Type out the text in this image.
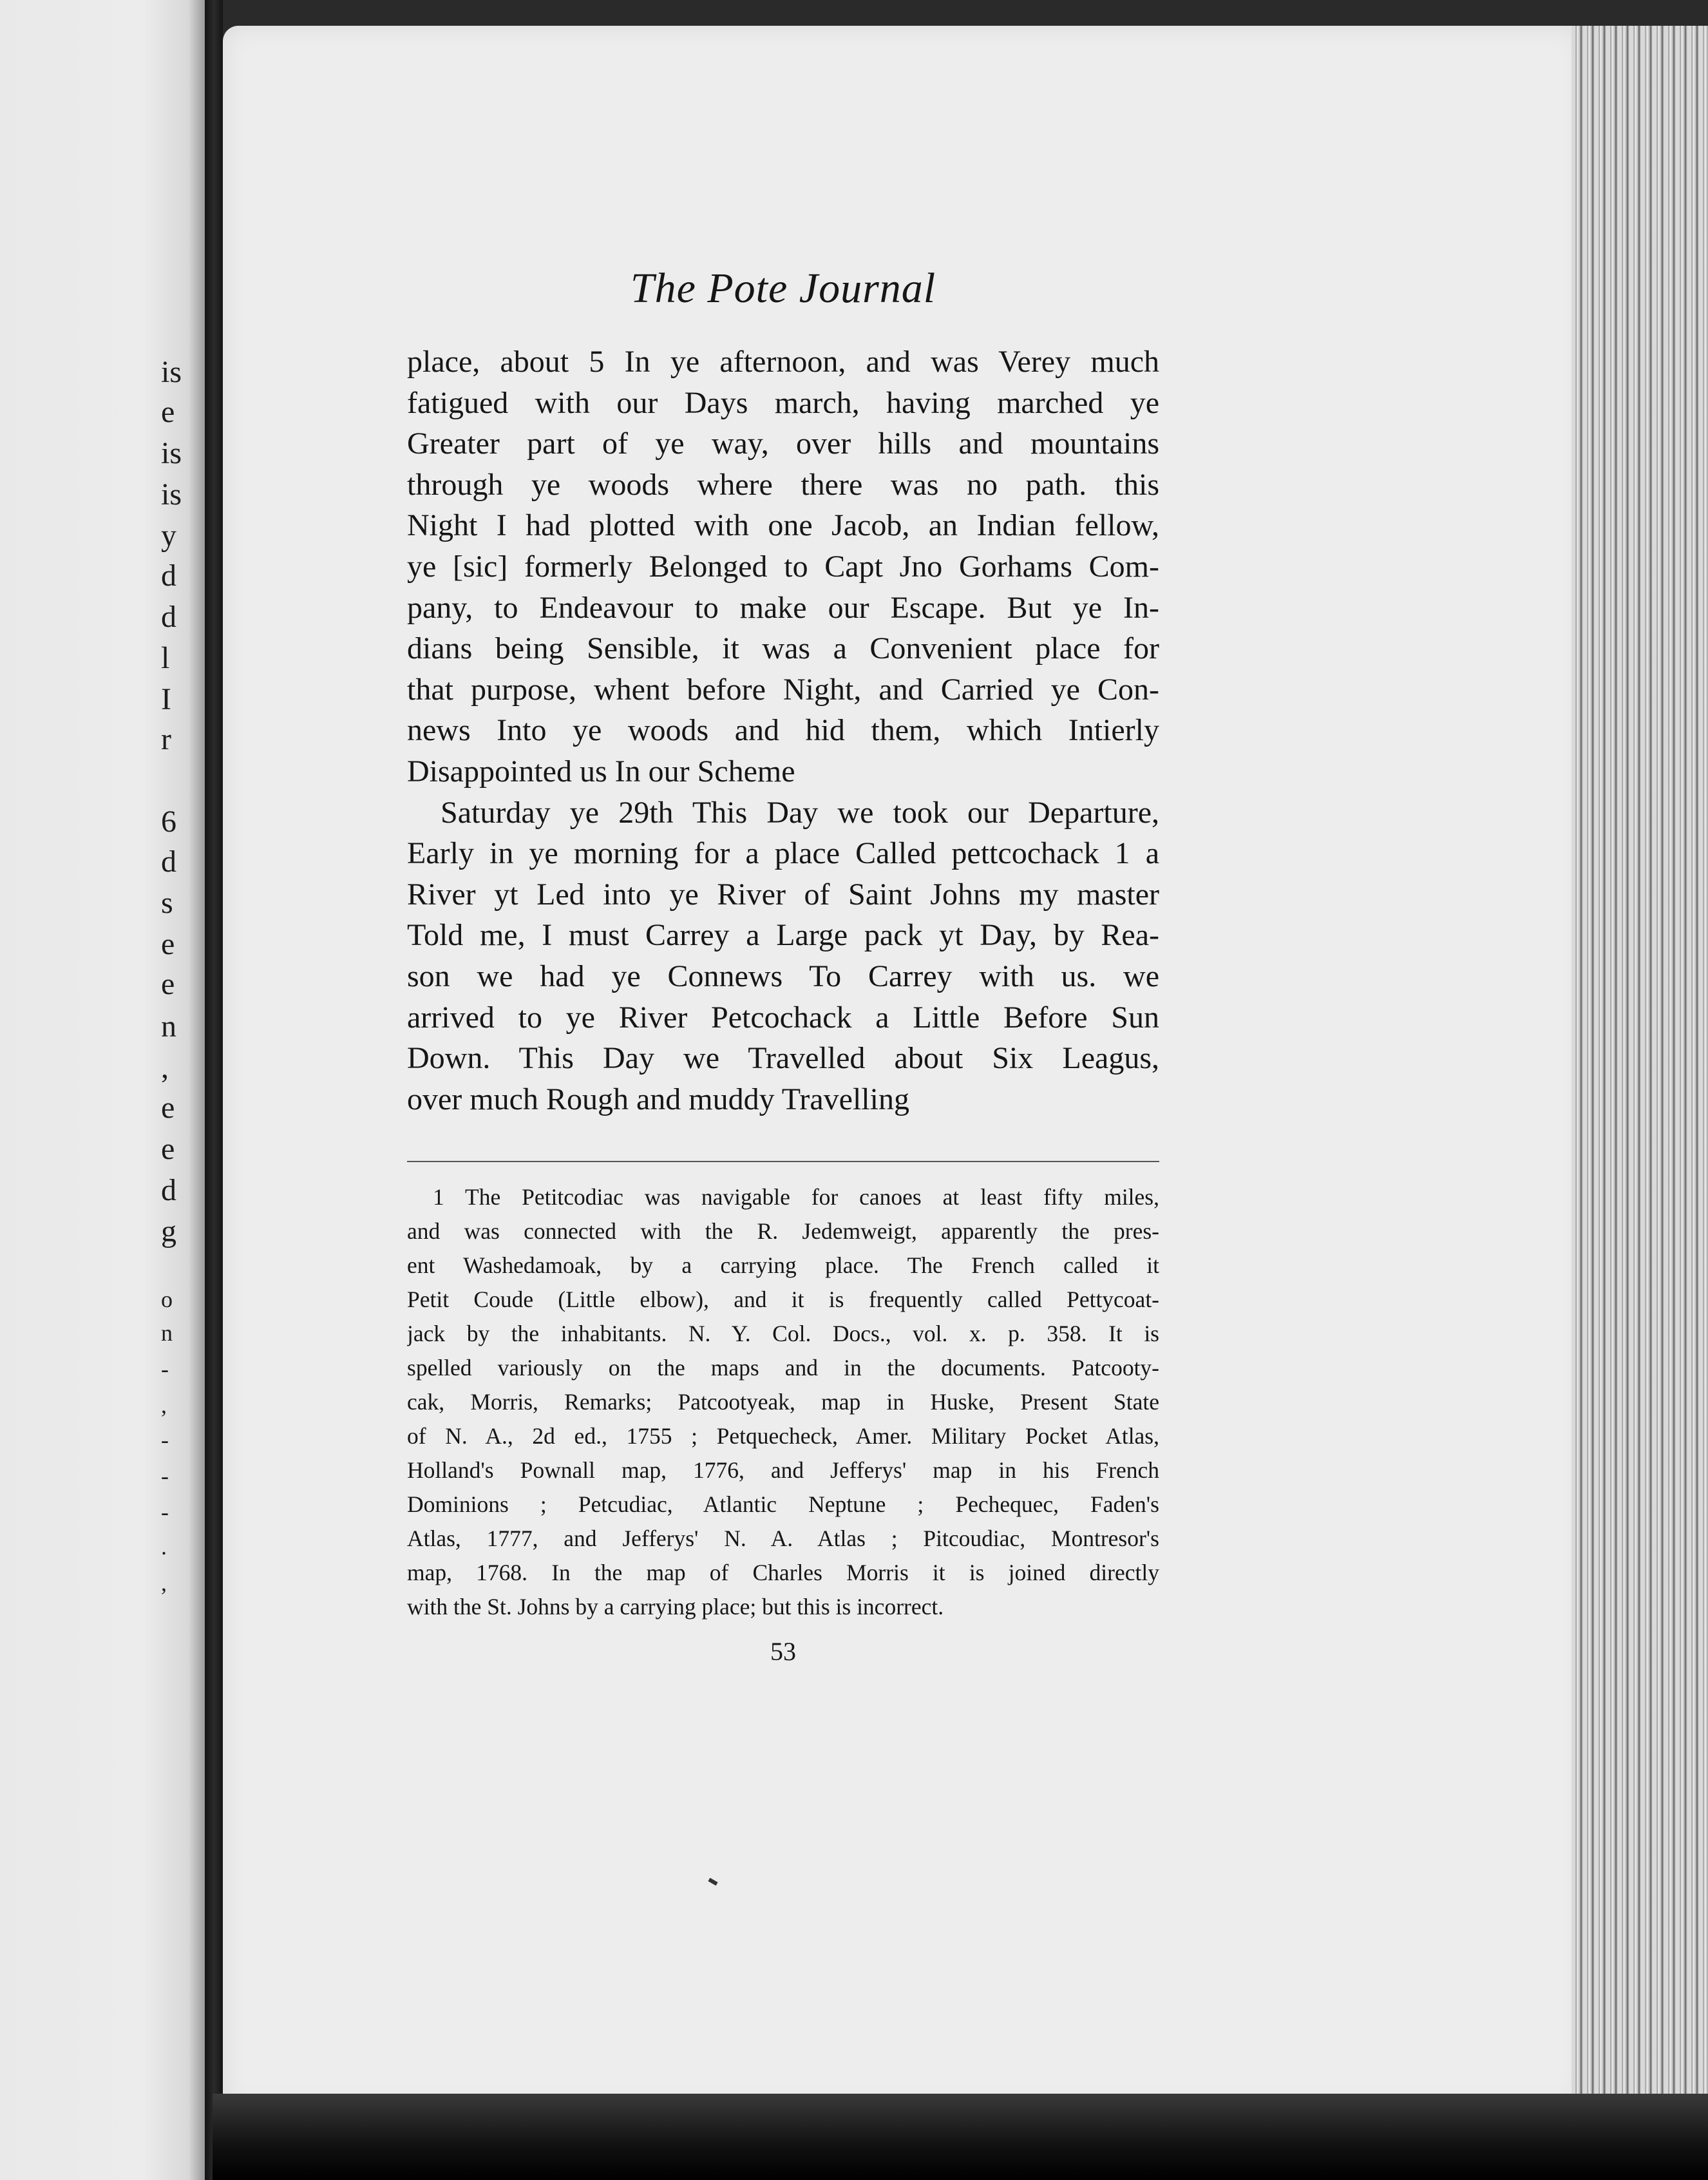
is
e
is
is
y
d
d
l
I
r
6
d
s
e
e
n
,
e
e
d
g
o
n
-
,
-
-
-
.
,
The Pote Journal
place, about 5 In ye afternoon, and was Verey much
fatigued with our Days march, having marched ye
Greater part of ye way, over hills and mountains
through ye woods where there was no path. this
Night I had plotted with one Jacob, an Indian fellow,
ye [sic] formerly Belonged to Capt Jno Gorhams Com-
pany, to Endeavour to make our Escape. But ye In-
dians being Sensible, it was a Convenient place for
that purpose, whent before Night, and Carried ye Con-
news Into ye woods and hid them, which Intierly
Disappointed us In our Scheme
Saturday ye 29th This Day we took our Departure,
Early in ye morning for a place Called pettcochack 1 a
River yt Led into ye River of Saint Johns my master
Told me, I must Carrey a Large pack yt Day, by Rea-
son we had ye Connews To Carrey with us. we
arrived to ye River Petcochack a Little Before Sun
Down. This Day we Travelled about Six Leagus,
over much Rough and muddy Travelling
1 The Petitcodiac was navigable for canoes at least fifty miles,
and was connected with the R. Jedemweigt, apparently the pres-
ent Washedamoak, by a carrying place. The French called it
Petit Coude (Little elbow), and it is frequently called Pettycoat-
jack by the inhabitants. N. Y. Col. Docs., vol. x. p. 358. It is
spelled variously on the maps and in the documents. Patcooty-
cak, Morris, Remarks; Patcootyeak, map in Huske, Present State
of N. A., 2d ed., 1755 ; Petquecheck, Amer. Military Pocket Atlas,
Holland's Pownall map, 1776, and Jefferys' map in his French
Dominions ; Petcudiac, Atlantic Neptune ; Pechequec, Faden's
Atlas, 1777, and Jefferys' N. A. Atlas ; Pitcoudiac, Montresor's
map, 1768. In the map of Charles Morris it is joined directly
with the St. Johns by a carrying place; but this is incorrect.
53
